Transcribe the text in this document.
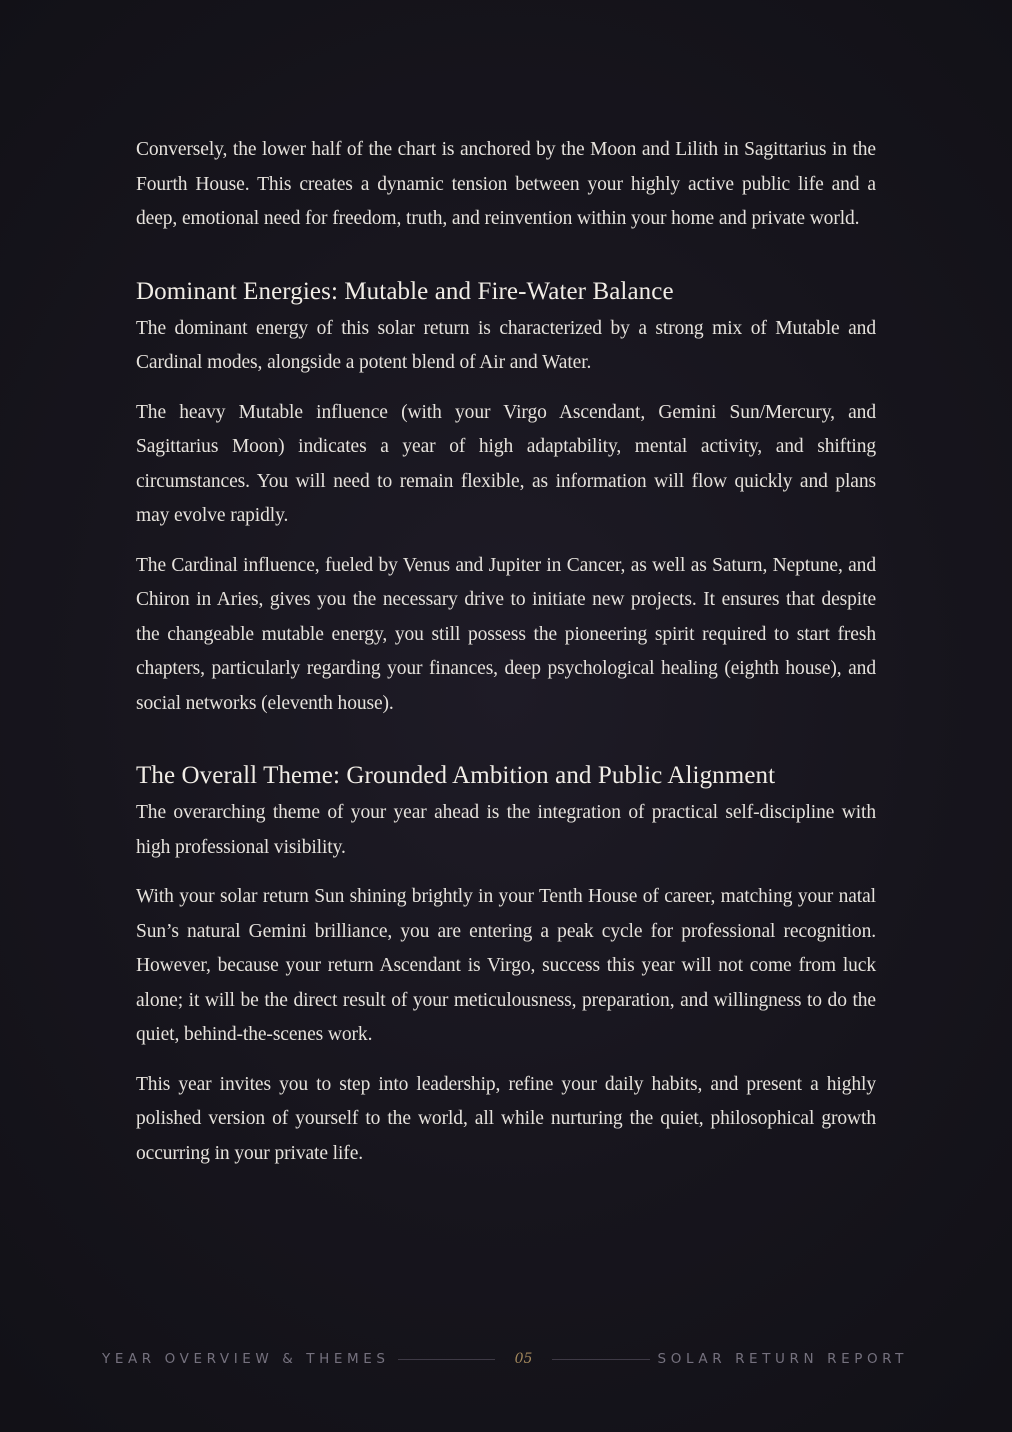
Conversely, the lower half of the chart is anchored by the Moon and Lilith in Sagittarius in the Fourth House. This creates a dynamic tension between your highly active public life and a deep, emotional need for freedom, truth, and reinvention within your home and private world.

Dominant Energies: Mutable and Fire-Water Balance

The dominant energy of this solar return is characterized by a strong mix of Mutable and Cardinal modes, alongside a potent blend of Air and Water.

The heavy Mutable influence (with your Virgo Ascendant, Gemini Sun/Mercury, and Sagittarius Moon) indicates a year of high adaptability, mental activity, and shifting circumstances. You will need to remain flexible, as information will flow quickly and plans may evolve rapidly.

The Cardinal influence, fueled by Venus and Jupiter in Cancer, as well as Saturn, Neptune, and Chiron in Aries, gives you the necessary drive to initiate new projects. It ensures that despite the changeable mutable energy, you still possess the pioneering spirit required to start fresh chapters, particularly regarding your finances, deep psychological healing (eighth house), and social networks (eleventh house).

The Overall Theme: Grounded Ambition and Public Alignment

The overarching theme of your year ahead is the integration of practical self-discipline with high professional visibility.

With your solar return Sun shining brightly in your Tenth House of career, matching your natal Sun’s natural Gemini brilliance, you are entering a peak cycle for professional recognition. However, because your return Ascendant is Virgo, success this year will not come from luck alone; it will be the direct result of your meticulousness, preparation, and willingness to do the quiet, behind-the-scenes work.

This year invites you to step into leadership, refine your daily habits, and present a highly polished version of yourself to the world, all while nurturing the quiet, philosophical growth occurring in your private life.

YEAR OVERVIEW & THEMES	05	SOLAR RETURN REPORT
